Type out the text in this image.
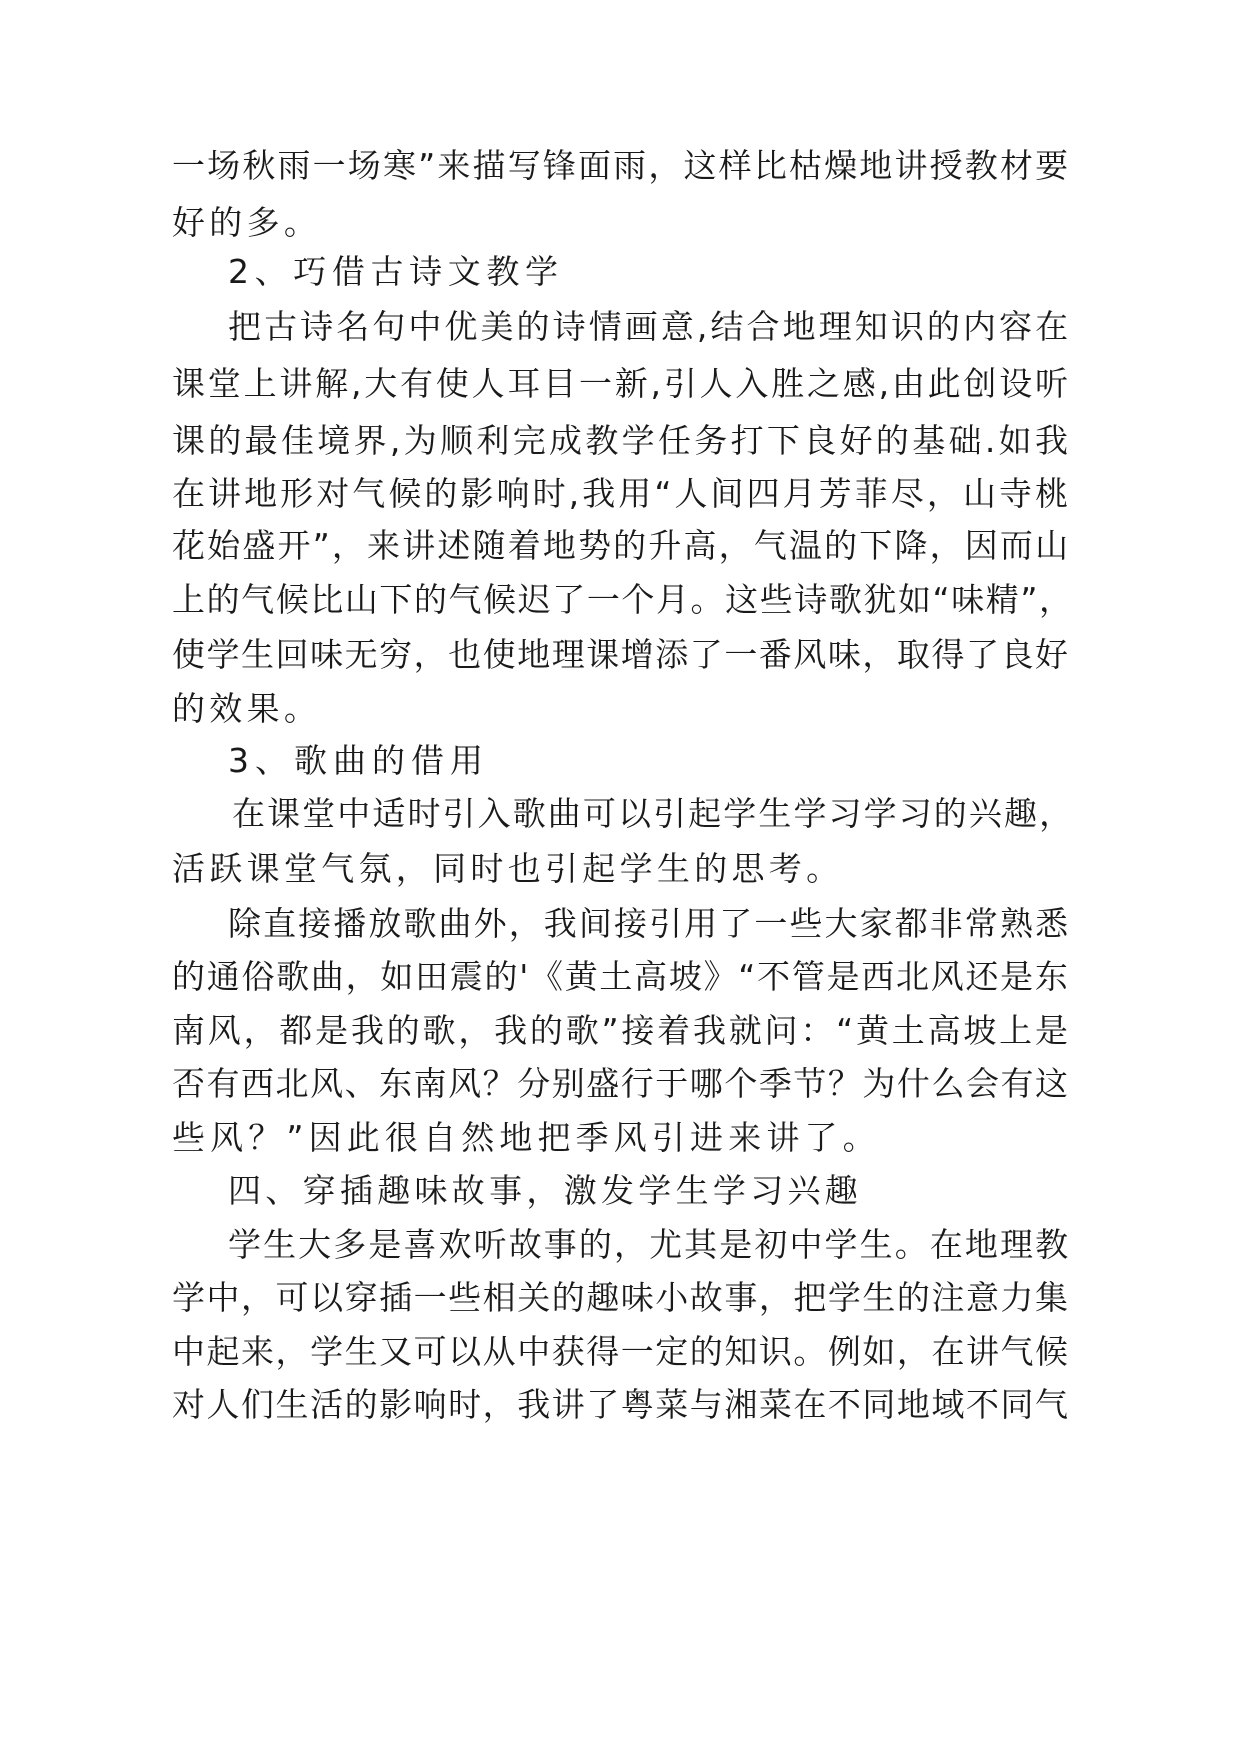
一场秋雨一场寒”来描写锋面雨，这样比枯燥地讲授教材要
好的多。
2、巧借古诗文教学
把古诗名句中优美的诗情画意,结合地理知识的内容在
课堂上讲解,大有使人耳目一新,引人入胜之感,由此创设听
课的最佳境界,为顺利完成教学任务打下良好的基础.如我
在讲地形对气候的影响时,我用“人间四月芳菲尽，山寺桃
花始盛开”，来讲述随着地势的升高，气温的下降，因而山
上的气候比山下的气候迟了一个月。这些诗歌犹如“味精”，
使学生回味无穷，也使地理课增添了一番风味，取得了良好
的效果。
3、歌曲的借用
在课堂中适时引入歌曲可以引起学生学习学习的兴趣，
活跃课堂气氛，同时也引起学生的思考。
除直接播放歌曲外，我间接引用了一些大家都非常熟悉
的通俗歌曲，如田震的'《黄土高坡》“不管是西北风还是东
南风，都是我的歌，我的歌”接着我就问：“黄土高坡上是
否有西北风、东南风？分别盛行于哪个季节？为什么会有这
些风？”因此很自然地把季风引进来讲了。
四、穿插趣味故事，激发学生学习兴趣
学生大多是喜欢听故事的，尤其是初中学生。在地理教
学中，可以穿插一些相关的趣味小故事，把学生的注意力集
中起来，学生又可以从中获得一定的知识。例如，在讲气候
对人们生活的影响时，我讲了粤菜与湘菜在不同地域不同气
